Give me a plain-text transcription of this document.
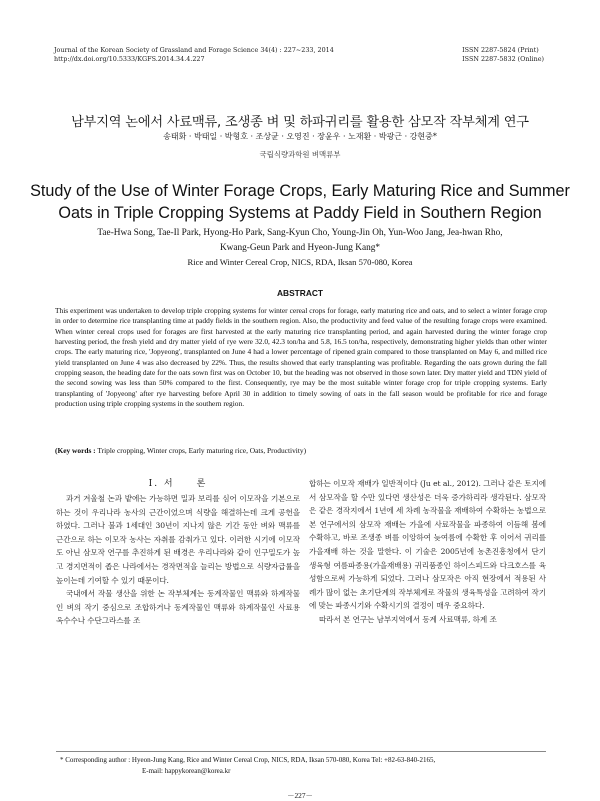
Journal of the Korean Society of Grassland and Forage Science 34(4) : 227~233, 2014
http://dx.doi.org/10.5333/KGFS.2014.34.4.227
ISSN 2287-5824 (Print)
ISSN 2287-5832 (Online)
남부지역 논에서 사료맥류, 조생종 벼 및 하파귀리를 활용한 삼모작 작부체계 연구
송태화 · 박태일 · 박형호 · 조상균 · 오영진 · 장윤우 · 노재환 · 박광근 · 강현중*
국립식량과학원 벼맥류부
Study of the Use of Winter Forage Crops, Early Maturing Rice and Summer Oats in Triple Cropping Systems at Paddy Field in Southern Region
Tae-Hwa Song, Tae-Il Park, Hyong-Ho Park, Sang-Kyun Cho, Young-Jin Oh, Yun-Woo Jang, Jea-hwan Rho,
Kwang-Geun Park and Hyeon-Jung Kang*
Rice and Winter Cereal Crop, NICS, RDA, Iksan 570-080, Korea
ABSTRACT
This experiment was undertaken to develop triple cropping systems for winter cereal crops for forage, early maturing rice and oats, and to select a winter forage crop in order to determine rice transplanting time at paddy fields in the southern region. Also, the productivity and feed value of the resulting forage crops were examined. When winter cereal crops used for forages are first harvested at the early maturing rice transplanting period, and again harvested during the winter forage crop harvesting period, the fresh yield and dry matter yield of rye were 32.0, 42.3 ton/ha and 5.8, 16.5 ton/ha, respectively, demonstrating higher yields than other winter crops. The early maturing rice, 'Jopyeong', transplanted on June 4 had a lower percentage of ripened grain compared to those transplanted on May 6, and milled rice yield transplanted on June 4 was also decreased by 22%. Thus, the results showed that early transplanting was profitable. Regarding the oats grown during the fall cropping season, the heading date for the oats sown first was on October 10, but the heading was not observed in those sown later. Dry matter yield and TDN yield of the second sowing was less than 50% compared to the first. Consequently, rye may be the most suitable winter forage crop for triple cropping systems. Early transplanting of 'Jopyeong' after rye harvesting before April 30 in addition to timely sowing of oats in the fall season would be profitable for rice and forage production using triple cropping systems in the southern region.
(Key words : Triple cropping, Winter crops, Early maturing rice, Oats, Productivity)
Ⅰ. 서　　론

과거 겨울철 논과 밭에는 가능하면 밀과 보리를 심어 이모작을 기본으로 하는 것이 우리나라 농사의 근간이었으며 식량을 해결하는데 크게 공헌을 하였다. 그러나 불과 1세대인 30년이 지나지 않은 기간 동안 벼와 맥류를 근간으로 하는 이모작 농사는 자취를 감춰가고 있다. 이러한 시기에 이모작도 아닌 삼모작 연구를 추진하게 된 배경은 우리나라와 같이 인구밀도가 높고 경지면적이 좁은 나라에서는 경작면적을 늘리는 방법으로 식량자급률을 높이는데 기여할 수 있기 때문이다.

국내에서 작물 생산을 위한 논 작부체계는 동계작물인 맥류와 하계작물인 벼의 작기 중심으로 조합하거나 동계작물인 맥류와 하계작물인 사료용 옥수수나 수단그라스를 조

합하는 이모작 재배가 일반적이다 (Ju et al., 2012). 그러나 같은 토지에서 삼모작을 할 수만 있다면 생산성은 더욱 증가하리라 생각된다. 삼모작은 같은 경작지에서 1년에 세 차례 농작물을 재배하여 수확하는 농법으로 본 연구에서의 삼모작 재배는 가을에 사료작물을 파종하여 이듬해 봄에 수확하고, 바로 조생종 벼를 이앙하여 늦여름에 수확한 후 이어서 귀리를 가을재배 하는 것을 말한다. 이 기술은 2005년에 농촌진흥청에서 단기 생육형 여름파종용(가을재배용) 귀리품종인 하이스피드와 다크호스를 육성함으로써 가능하게 되었다. 그러나 삼모작은 아직 현장에서 적용된 사례가 많이 없는 초기단계의 작부체계로 작물의 생육특성을 고려하여 작기에 맞는 파종시기와 수확시기의 결정이 매우 중요하다.

따라서 본 연구는 남부지역에서 동계 사료맥류, 하계 조

* Corresponding author : Hyeon-Jung Kang, Rice and Winter Cereal Crop, NICS, RDA, Iksan 570-080, Korea Tel: +82-63-840-2165,
E-mail: happykorean@korea.kr
－227－
